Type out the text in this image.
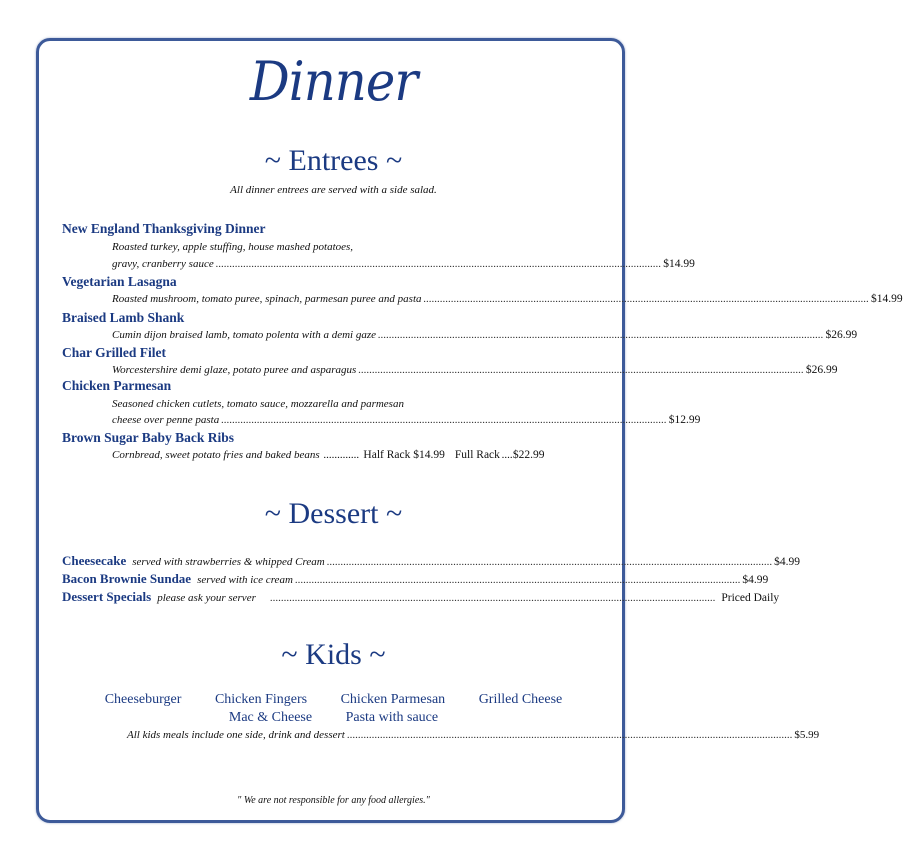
Dinner
~ Entrees ~
All dinner entrees are served with a side salad.
New England Thanksgiving Dinner
Roasted turkey, apple stuffing, house mashed potatoes,
gravy, cranberry sauce .................................................................................................................................................................. $14.99
Vegetarian Lasagna
Roasted mushroom, tomato puree, spinach, parmesan puree and pasta .................................................................................................................................................................. $14.99
Braised Lamb Shank
Cumin dijon braised lamb, tomato polenta with a demi gaze .................................................................................................................................................................. $26.99
Char Grilled Filet
Worcestershire demi glaze, potato puree and asparagus .................................................................................................................................................................. $26.99
Chicken Parmesan
Seasoned chicken cutlets, tomato sauce, mozzarella and parmesan
cheese over penne pasta .................................................................................................................................................................. $12.99
Brown Sugar Baby Back Ribs
Cornbread, sweet potato fries and baked beans ............. Half Rack $14.99 Full Rack .... $22.99
~ Dessert ~
Cheesecake served with strawberries & whipped Cream .................................................................................................................................................................. $4.99
Bacon Brownie Sundae served with ice cream .................................................................................................................................................................. $4.99
Dessert Specials please ask your server .................................................................................................................................................................. Priced Daily
~ Kids ~
Cheeseburger Chicken Fingers Chicken Parmesan Grilled Cheese
Mac & Cheese Pasta with sauce
All kids meals include one side, drink and dessert .................................................................................................................................................................. $5.99
" We are not responsible for any food allergies."
